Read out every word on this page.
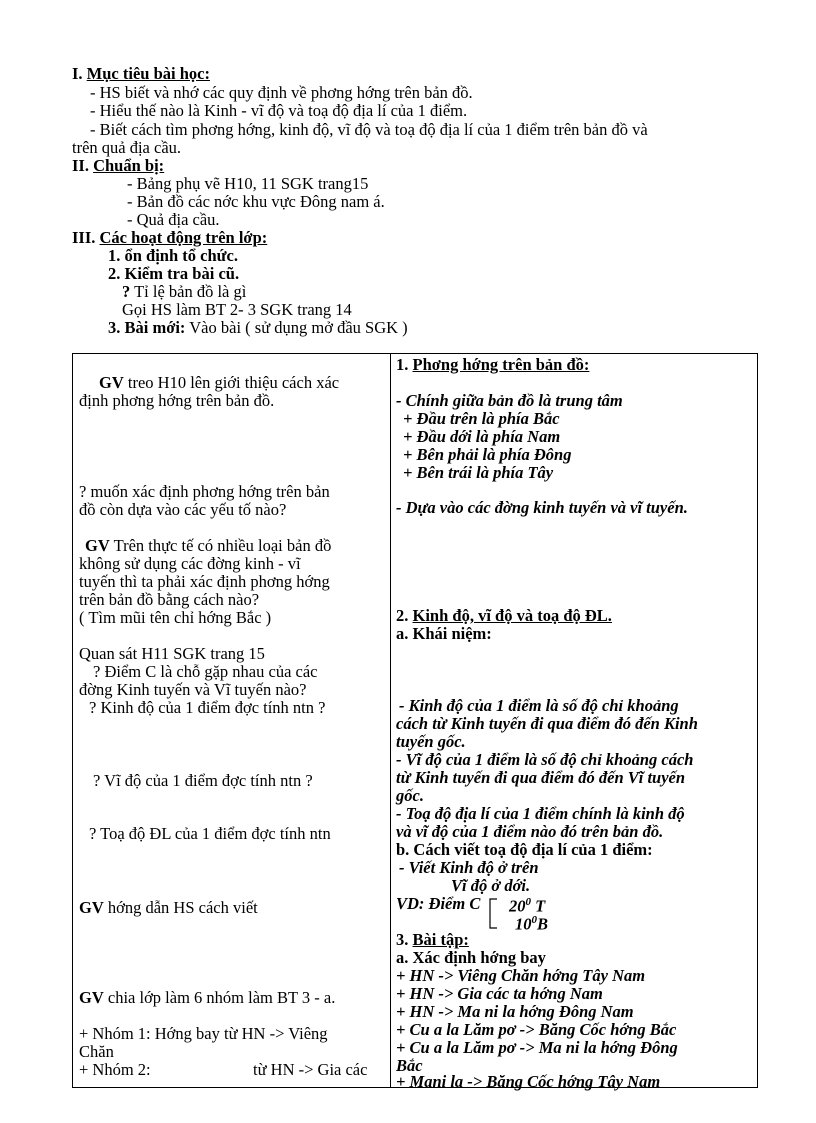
I. Mục tiêu bài học:
- HS biết và nhớ các quy định về phơng hớng trên bản đồ.
- Hiểu thế nào là Kinh - vĩ độ và toạ độ địa lí của 1 điểm.
- Biết cách tìm phơng hớng, kinh độ, vĩ độ và toạ độ địa lí của 1 điểm trên bản đồ và
trên quả địa cầu.
II. Chuẩn bị:
- Bảng phụ vẽ H10, 11 SGK trang15
- Bản đồ các nớc khu vực Đông nam á.
- Quả địa cầu.
III. Các hoạt động trên lớp:
1. ổn định tổ chức.
2. Kiểm tra bài cũ.
? Tỉ lệ bản đồ là gì
Gọi HS làm BT 2- 3 SGK trang 14
3. Bài mới: Vào bài ( sử dụng mở đầu SGK )
GV treo H10 lên giới thiệu cách xác
định phơng hớng trên bản đồ.
? muốn xác định phơng hớng trên bản
đồ còn dựa vào các yếu tố nào?
GV Trên thực tế có nhiều loại bản đồ
không sử dụng các đờng kinh - vĩ
tuyến thì ta phải xác định phơng hớng
trên bản đồ bằng cách nào?
( Tìm mũi tên chỉ hớng Bắc )
Quan sát H11 SGK trang 15
? Điểm C là chỗ gặp nhau của các
đờng Kinh tuyến và Vĩ tuyến nào?
? Kinh độ của 1 điểm đợc tính ntn ?
? Vĩ độ của 1 điểm đợc tính ntn ?
? Toạ độ ĐL của 1 điểm đợc tính ntn
GV hớng dẫn HS cách viết
GV chia lớp làm 6 nhóm làm BT 3 - a.
+ Nhóm 1: Hớng bay từ HN -> Viêng
Chăn
+ Nhóm 2:	từ HN -> Gia các

1. Phơng hớng trên bản đồ:
- Chính giữa bản đồ là trung tâm
+ Đầu trên là phía Bắc
+ Đầu dới là phía Nam
+ Bên phải là phía Đông
+ Bên trái là phía Tây
- Dựa vào các đờng kinh tuyến và vĩ tuyến.
2. Kinh độ, vĩ độ và toạ độ ĐL.
a. Khái niệm:
- Kinh độ của 1 điểm là số độ chỉ khoảng
cách từ Kinh tuyến đi qua điểm đó đến Kinh
tuyến gốc.
- Vĩ độ của 1 điểm là số độ chỉ khoảng cách
từ Kinh tuyến đi qua điểm đó đến Vĩ tuyến
gốc.
- Toạ độ địa lí của 1 điểm chính là kinh độ
và vĩ độ của 1 điểm nào đó trên bản đồ.
b. Cách viết toạ độ địa lí của 1 điểm:
- Viết Kinh độ ở trên
Vĩ độ ở dới.
VD: Điểm C $20^0$ T
$10^0B$
3. Bài tập:
a. Xác định hớng bay
+ HN -> Viêng Chăn hớng Tây Nam
+ HN -> Gia các ta hớng Nam
+ HN -> Ma ni la hớng Đông Nam
+ Cu a la Lăm pơ -> Băng Cốc hớng Bắc
+ Cu a la Lăm pơ -> Ma ni la hớng Đông
Bắc
+ Mani la -> Băng Cốc hớng Tây Nam
